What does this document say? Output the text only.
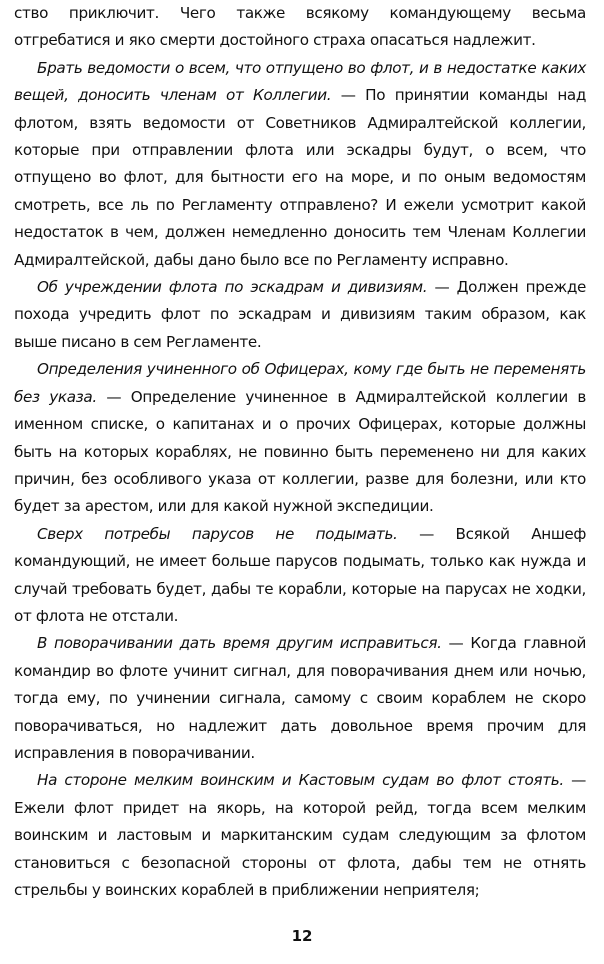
ство приключит. Чего также всякому командующему весьма отгребатися и яко смерти достойного страха опасаться надлежит.

Брать ведомости о всем, что отпущено во флот, и в недостатке каких вещей, доносить членам от Коллегии. — По принятии команды над флотом, взять ведомости от Советников Адмиралтейской коллегии, которые при отправлении флота или эскадры будут, о всем, что отпущено во флот, для бытности его на море, и по оным ведомостям смотреть, все ль по Регламенту отправлено? И ежели усмотрит какой недостаток в чем, должен немедленно доносить тем Членам Коллегии Адмиралтейской, дабы дано было все по Регламенту исправно.

Об учреждении флота по эскадрам и дивизиям. — Должен прежде похода учредить флот по эскадрам и дивизиям таким образом, как выше писано в сем Регламенте.

Определения учиненного об Офицерах, кому где быть не переменять без указа. — Определение учиненное в Адмиралтейской коллегии в именном списке, о капитанах и о прочих Офицерах, которые должны быть на которых кораблях, не повинно быть переменено ни для каких причин, без особливого указа от коллегии, разве для болезни, или кто будет за арестом, или для какой нужной экспедиции.

Сверх потребы парусов не подымать. — Всякой Аншеф командующий, не имеет больше парусов подымать, только как нужда и случай требовать будет, дабы те корабли, которые на парусах не ходки, от флота не отстали.

В поворачивании дать время другим исправиться. — Когда главной командир во флоте учинит сигнал, для поворачивания днем или ночью, тогда ему, по учинении сигнала, самому с своим кораблем не скоро поворачиваться, но надлежит дать довольное время прочим для исправления в поворачивании.

На стороне мелким воинским и Кастовым судам во флот стоять. — Ежели флот придет на якорь, на которой рейд, тогда всем мелким воинским и ластовым и маркитанским судам следующим за флотом становиться с безопасной стороны от флота, дабы тем не отнять стрельбы у воинских кораблей в приближении неприятеля;

12
